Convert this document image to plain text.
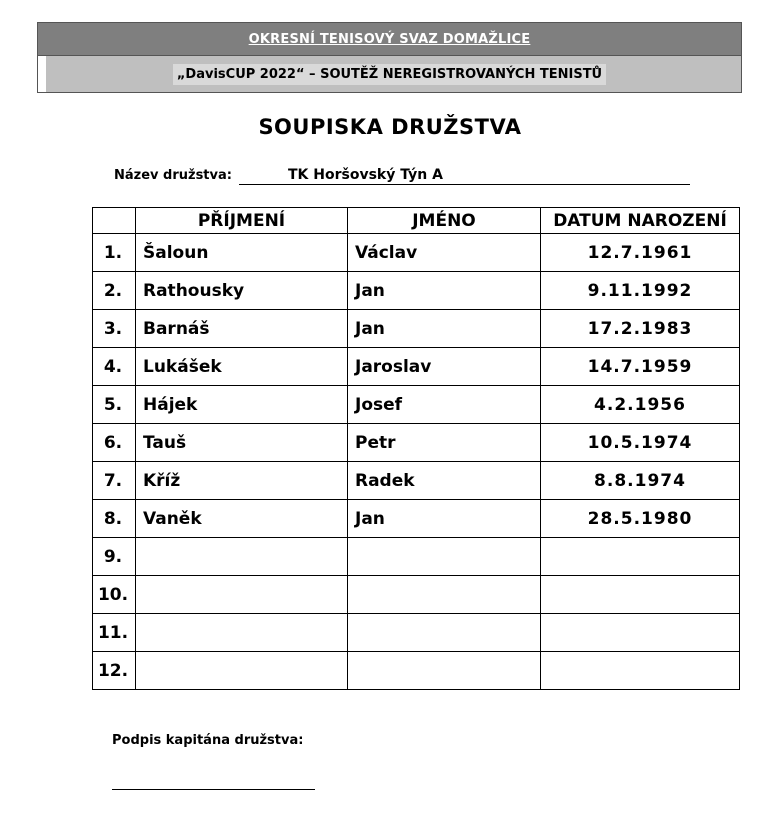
OKRESNÍ TENISOVÝ SVAZ DOMAŽLICE
„DavisCUP 2022“ – SOUTĚŽ NEREGISTROVANÝCH TENISTŮ
SOUPISKA DRUŽSTVA
Název družstva:	TK Horšovský Týn A
	PŘÍJMENÍ	JMÉNO	DATUM NAROZENÍ
1.	Šaloun	Václav	12.7.1961
2.	Rathousky	Jan	9.11.1992
3.	Barnáš	Jan	17.2.1983
4.	Lukášek	Jaroslav	14.7.1959
5.	Hájek	Josef	4.2.1956
6.	Tauš	Petr	10.5.1974
7.	Kříž	Radek	8.8.1974
8.	Vaněk	Jan	28.5.1980
9.			
10.			
11.			
12.			
Podpis kapitána družstva:
